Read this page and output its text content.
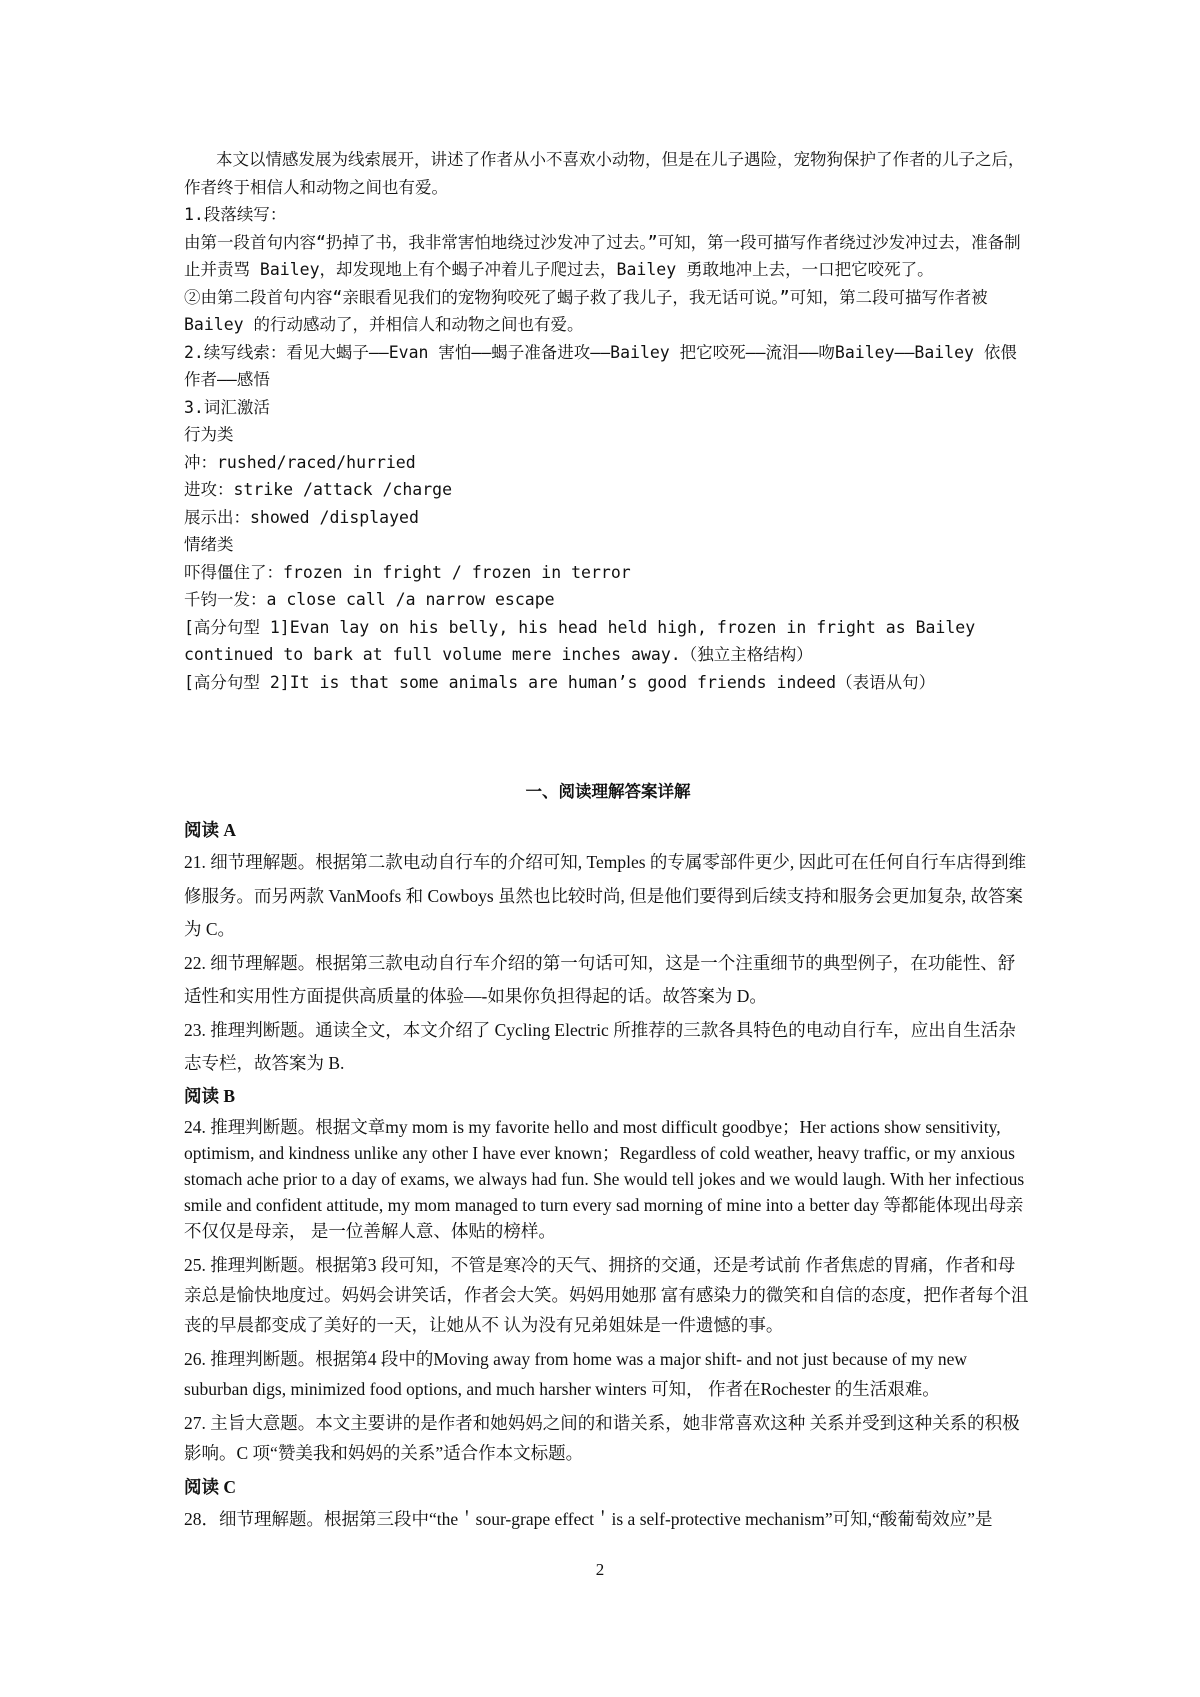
本文以情感发展为线索展开，讲述了作者从小不喜欢小动物，但是在儿子遇险，宠物狗保护了作者的儿子之后，作者终于相信人和动物之间也有爱。

1.段落续写：

由第一段首句内容“扔掉了书，我非常害怕地绕过沙发冲了过去。”可知，第一段可描写作者绕过沙发冲过去，准备制止并责骂 Bailey，却发现地上有个蝎子冲着儿子爬过去，Bailey 勇敢地冲上去，一口把它咬死了。

②由第二段首句内容“亲眼看见我们的宠物狗咬死了蝎子救了我儿子，我无话可说。”可知，第二段可描写作者被 Bailey 的行动感动了，并相信人和动物之间也有爱。

2.续写线索：看见大蝎子——Evan 害怕——蝎子准备进攻——Bailey 把它咬死——流泪——吻Bailey——Bailey 依偎作者——感悟

3.词汇激活

行为类

冲：rushed/raced/hurried

进攻：strike /attack /charge

展示出：showed /displayed

情绪类

吓得僵住了：frozen in fright / frozen in terror

千钧一发：a close call /a narrow escape

[高分句型 1]Evan lay on his belly, his head held high, frozen in fright as Bailey continued to bark at full volume mere inches away.（独立主格结构）

[高分句型 2]It is that some animals are human’s good friends indeed（表语从句）

一、阅读理解答案详解

阅读 A

21. 细节理解题。根据第二款电动自行车的介绍可知, Temples 的专属零部件更少, 因此可在任何自行车店得到维修服务。而另两款 VanMoofs 和 Cowboys 虽然也比较时尚, 但是他们要得到后续支持和服务会更加复杂, 故答案为 C。

22. 细节理解题。根据第三款电动自行车介绍的第一句话可知，这是一个注重细节的典型例子，在功能性、舒适性和实用性方面提供高质量的体验—-如果你负担得起的话。故答案为 D。

23. 推理判断题。通读全文，本文介绍了 Cycling Electric 所推荐的三款各具特色的电动自行车，应出自生活杂志专栏，故答案为 B.

阅读 B

24. 推理判断题。根据文章my mom is my favorite hello and most difficult goodbye；Her actions show sensitivity, optimism, and kindness unlike any other I have ever known；Regardless of cold weather, heavy traffic, or my anxious stomach ache prior to a day of exams, we always had fun. She would tell jokes and we would laugh. With her infectious smile and confident attitude, my mom managed to turn every sad morning of mine into a better day 等都能体现出母亲不仅仅是母亲， 是一位善解人意、体贴的榜样。

25. 推理判断题。根据第3 段可知，不管是寒冷的天气、拥挤的交通，还是考试前 作者焦虑的胃痛，作者和母亲总是愉快地度过。妈妈会讲笑话，作者会大笑。妈妈用她那 富有感染力的微笑和自信的态度，把作者每个沮丧的早晨都变成了美好的一天，让她从不 认为没有兄弟姐妹是一件遗憾的事。

26. 推理判断题。根据第4 段中的Moving away from home was a major shift- and not just because of my new suburban digs, minimized food options, and much harsher winters 可知， 作者在Rochester 的生活艰难。

27. 主旨大意题。本文主要讲的是作者和她妈妈之间的和谐关系，她非常喜欢这种 关系并受到这种关系的积极影响。C 项“赞美我和妈妈的关系”适合作本文标题。

阅读 C

28．细节理解题。根据第三段中“the＇sour-grape effect＇is a self-protective mechanism”可知,“酸葡萄效应”是

2
